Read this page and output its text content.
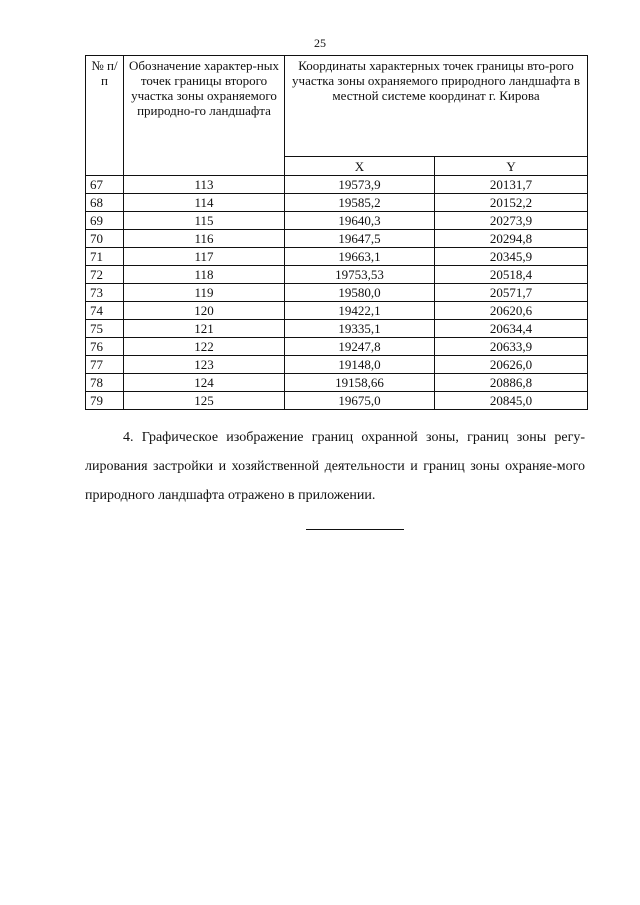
25
№ п/п	Обозначение характер-ных точек границы второго участка зоны охраняемого природно-го ландшафта	Координаты характерных точек границы вто-рого участка зоны охраняемого природного ландшафта в местной системе координат г. Кирова	
		X	Y
67	113	19573,9	20131,7
68	114	19585,2	20152,2
69	115	19640,3	20273,9
70	116	19647,5	20294,8
71	117	19663,1	20345,9
72	118	19753,53	20518,4
73	119	19580,0	20571,7
74	120	19422,1	20620,6
75	121	19335,1	20634,4
76	122	19247,8	20633,9
77	123	19148,0	20626,0
78	124	19158,66	20886,8
79	125	19675,0	20845,0

4. Графическое изображение границ охранной зоны, границ зоны регу-лирования застройки и хозяйственной деятельности и границ зоны охраняе-мого природного ландшафта отражено в приложении.
